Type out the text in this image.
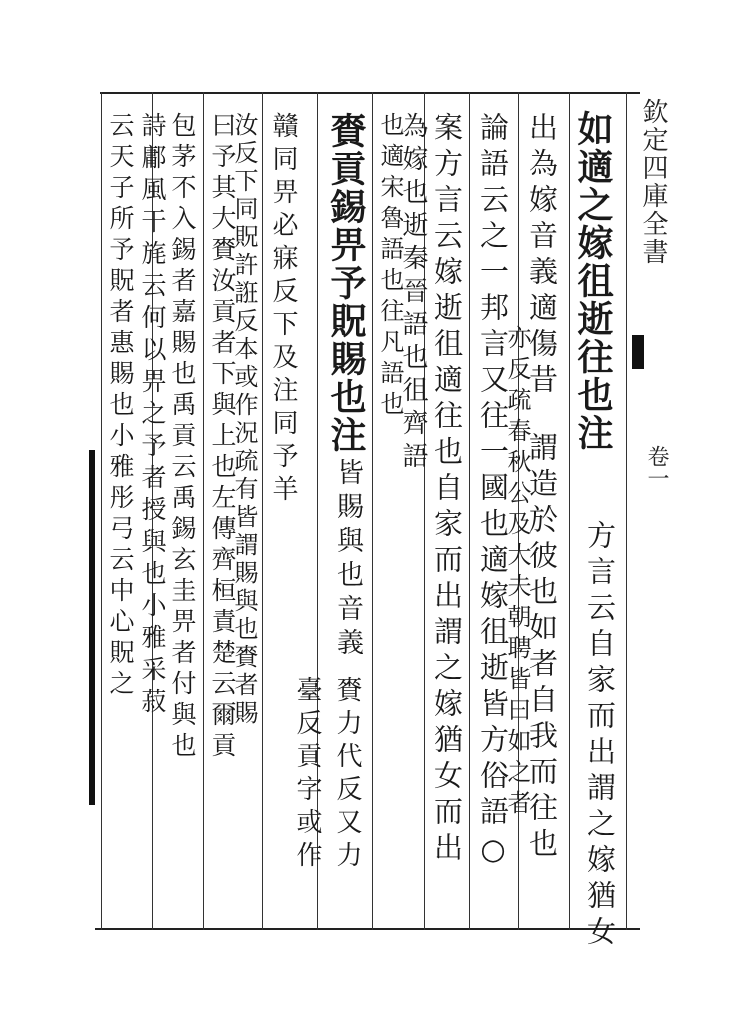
欽定四庫全書
卷一
如適之嫁徂逝往也注
方言云自家而出謂之嫁猶女
出為嫁音義適傷昔
謂造於彼也如者自我而往也
亦反疏春秋公及大夫朝聘皆曰如之者
論語云之一邦言又往一國也適嫁徂逝皆方俗語○
案方言云嫁逝徂適往也自家而出謂之嫁猶女而出
為嫁也逝秦晉語也徂齊語
也適宋魯語也往凡語也
賚貢錫畀予貺賜也注
皆賜與也音義
賚力代反又力
臺反貢字或作
贛同畀必寐反下及注同予羊
汝反下同貺許誑反本或作況疏有皆謂賜與也賚者賜
曰予其大賚汝貢者下與上也左傳齊桓責楚云爾貢
包茅不入錫者嘉賜也禹貢云禹錫玄圭畀者付與也
詩鄘風干旄云何以畀之予者授與也小雅采菽
云天子所予貺者惠賜也小雅彤弓云中心貺之
